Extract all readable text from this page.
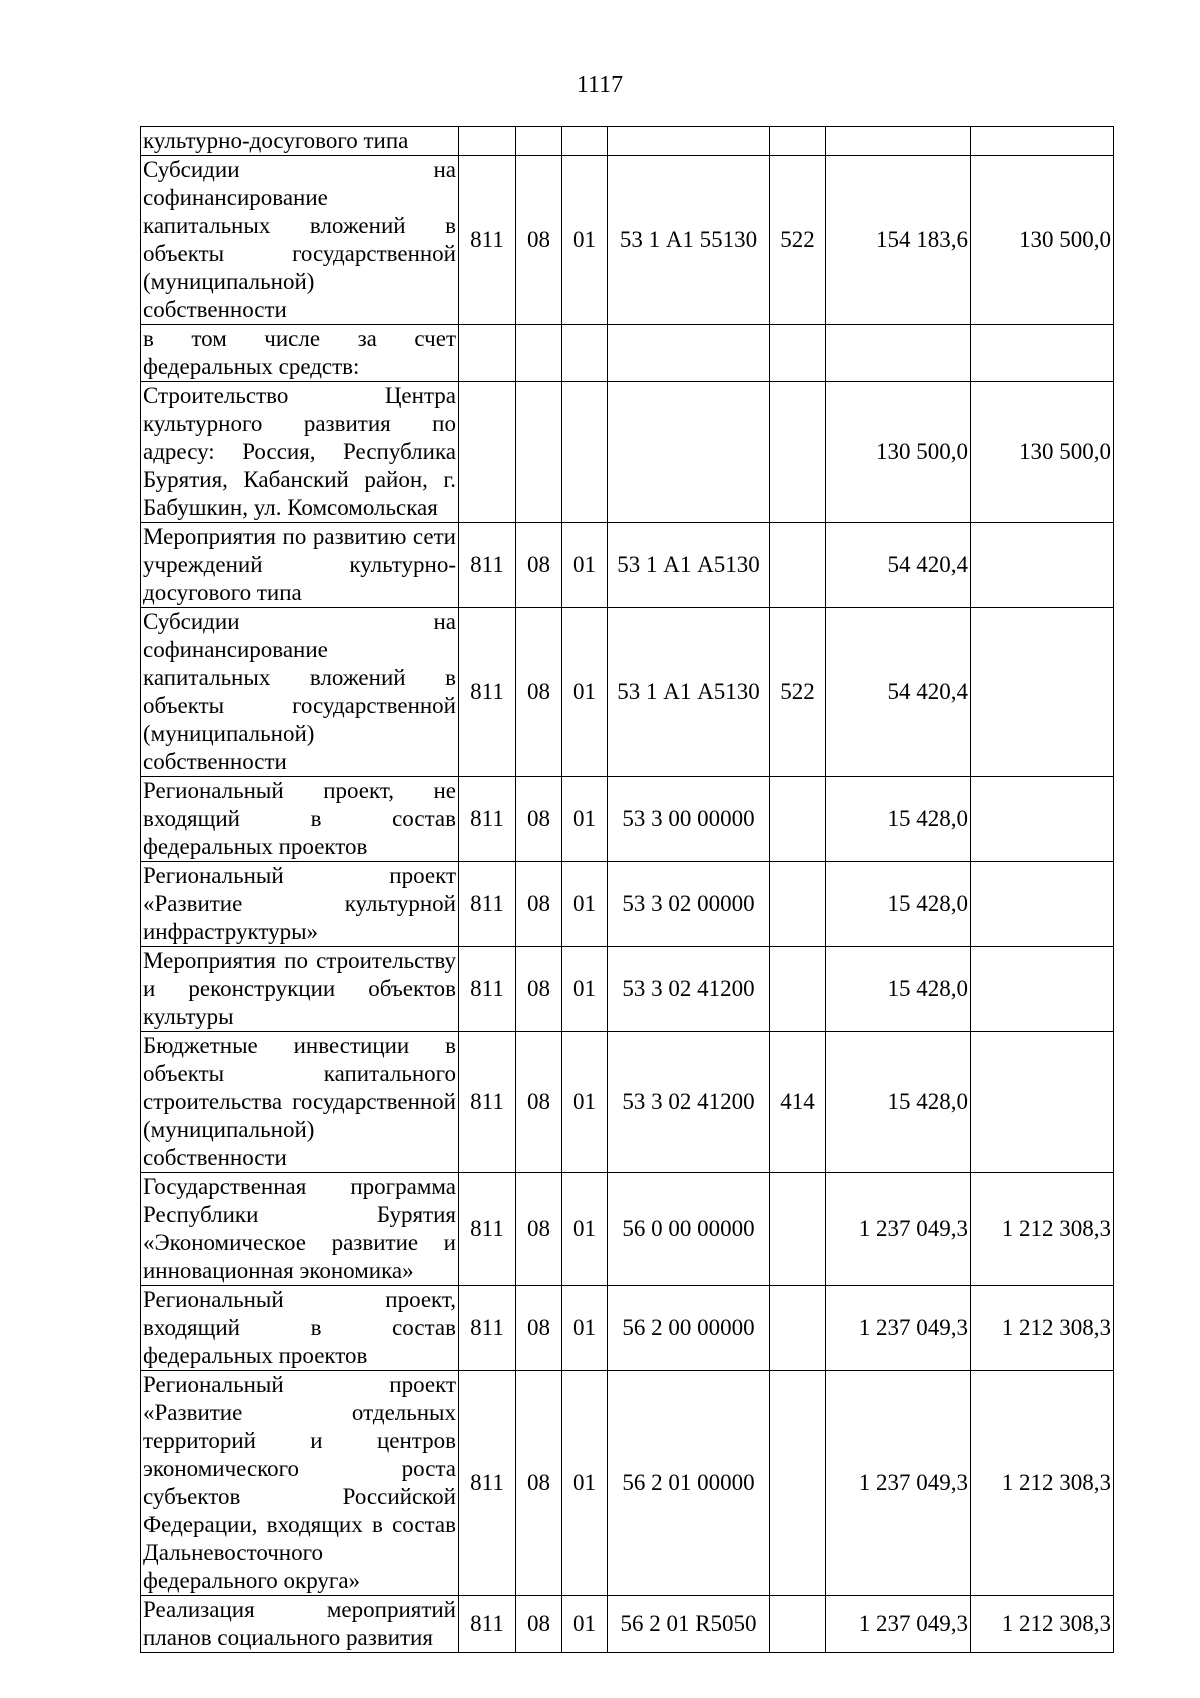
1117
культурно-досугового типа							
Субсидии на софинансирование капитальных вложений в объекты государственной (муниципальной) собственности	811	08	01	53 1 А1 55130	522	154 183,6	130 500,0
в том числе за счет федеральных средств:							
Строительство Центра культурного развития по адресу: Россия, Республика Бурятия, Кабанский район, г. Бабушкин, ул. Комсомольская						130 500,0	130 500,0
Мероприятия по развитию сети учреждений культурно-досугового типа	811	08	01	53 1 А1 А5130		54 420,4	
Субсидии на софинансирование капитальных вложений в объекты государственной (муниципальной) собственности	811	08	01	53 1 А1 А5130	522	54 420,4	
Региональный проект, не входящий в состав федеральных проектов	811	08	01	53 3 00 00000		15 428,0	
Региональный проект «Развитие культурной инфраструктуры»	811	08	01	53 3 02 00000		15 428,0	
Мероприятия по строительству и реконструкции объектов культуры	811	08	01	53 3 02 41200		15 428,0	
Бюджетные инвестиции в объекты капитального строительства государственной (муниципальной) собственности	811	08	01	53 3 02 41200	414	15 428,0	
Государственная программа Республики Бурятия «Экономическое развитие и инновационная экономика»	811	08	01	56 0 00 00000		1 237 049,3	1 212 308,3
Региональный проект, входящий в состав федеральных проектов	811	08	01	56 2 00 00000		1 237 049,3	1 212 308,3
Региональный проект «Развитие отдельных территорий и центров экономического роста субъектов Российской Федерации, входящих в состав Дальневосточного федерального округа»	811	08	01	56 2 01 00000		1 237 049,3	1 212 308,3
Реализация мероприятий планов социального развития	811	08	01	56 2 01 R5050		1 237 049,3	1 212 308,3
